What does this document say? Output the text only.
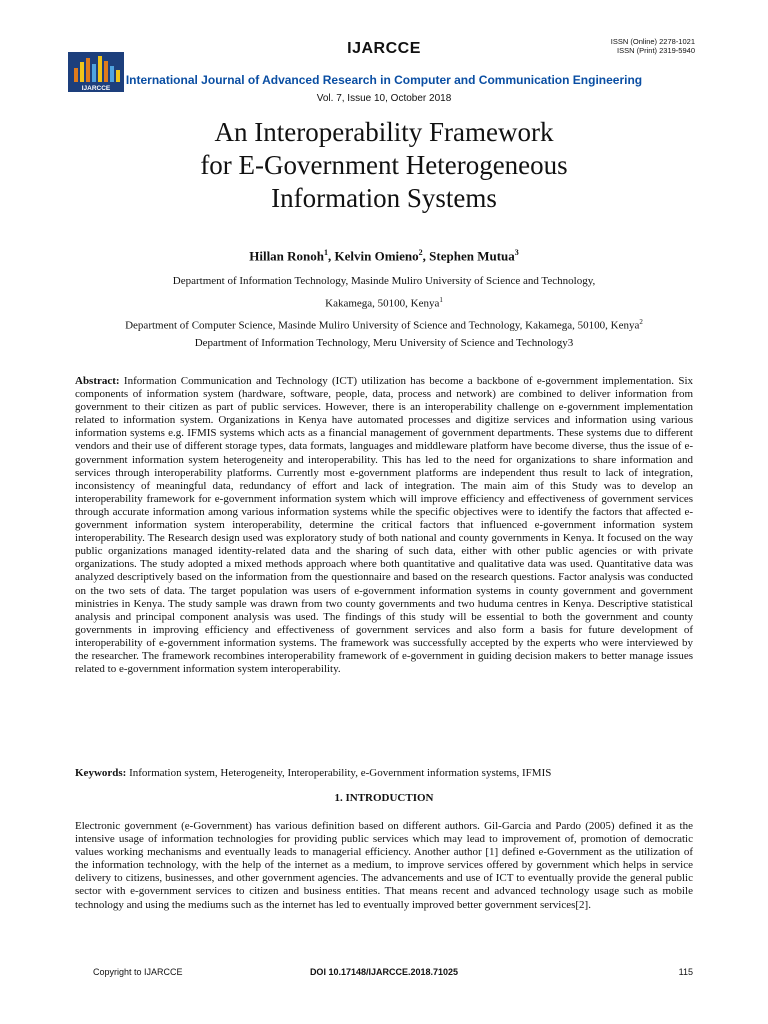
IJARCCE
IJARCCE	ISSN (Online) 2278-1021
ISSN (Print) 2319-5940
International Journal of Advanced Research in Computer and Communication Engineering
Vol. 7, Issue 10, October 2018
An Interoperability Framework
for E-Government Heterogeneous
Information Systems
Hillan Ronoh$^1$, Kelvin Omieno$^2$, Stephen Mutua$^3$
Department of Information Technology, Masinde Muliro University of Science and Technology,
Kakamega, 50100, Kenya$^1$
Department of Computer Science, Masinde Muliro University of Science and Technology, Kakamega, 50100, Kenya$^2$
Department of Information Technology, Meru University of Science and Technology3
Abstract: Information Communication and Technology (ICT) utilization has become a backbone of e-government implementation. Six components of information system (hardware, software, people, data, process and network) are combined to deliver information from government to their citizen as part of public services. However, there is an interoperability challenge on e-government implementation related to information system. Organizations in Kenya have automated processes and digitize services and information using various information systems e.g. IFMIS systems which acts as a financial management of government departments. These systems due to different vendors and their use of different storage types, data formats, languages and middleware platform have become diverse, thus the issue of e-government information system heterogeneity and interoperability. This has led to the need for organizations to share information and services through interoperability platforms. Currently most e-government platforms are independent thus result to lack of integration, inconsistency of meaningful data, redundancy of effort and lack of integration. The main aim of this Study was to develop an interoperability framework for e-government information system which will improve efficiency and effectiveness of government services through accurate information among various information systems while the specific objectives were to identify the factors that affected e-government information system interoperability, determine the critical factors that influenced e-government information system interoperability. The Research design used was exploratory study of both national and county governments in Kenya. It focused on the way public organizations managed identity-related data and the sharing of such data, either with other public agencies or with private organizations. The study adopted a mixed methods approach where both quantitative and qualitative data was used. Quantitative data was analyzed descriptively based on the information from the questionnaire and based on the research questions. Factor analysis was conducted on the two sets of data. The target population was users of e-government information systems in county government and government ministries in Kenya. The study sample was drawn from two county governments and two huduma centres in Kenya. Descriptive statistical analysis and principal component analysis was used. The findings of this study will be essential to both the government and county governments in improving efficiency and effectiveness of government services and also form a basis for future development of interoperability of e-government information systems. The framework was successfully accepted by the experts who were interviewed by the researcher. The framework recombines interoperability framework of e-government in guiding decision makers to better manage issues related to e-government information system interoperability.
Keywords: Information system, Heterogeneity, Interoperability, e-Government information systems, IFMIS
1. INTRODUCTION
Electronic government (e-Government) has various definition based on different authors. Gil-Garcia and Pardo (2005) defined it as the intensive usage of information technologies for providing public services which may lead to improvement of, promotion of democratic values working mechanisms and eventually leads to managerial efficiency. Another author [1] defined e-Government as the utilization of the information technology, with the help of the internet as a medium, to improve services offered by government which helps in service delivery to citizens, businesses, and other government agencies. The advancements and use of ICT to eventually provide the general public sector with e-government services to citizen and business entities. That means recent and advanced technology usage such as mobile technology and using the mediums such as the internet has led to eventually improved better government services[2].
Copyright to IJARCCE	DOI 10.17148/IJARCCE.2018.71025	115
